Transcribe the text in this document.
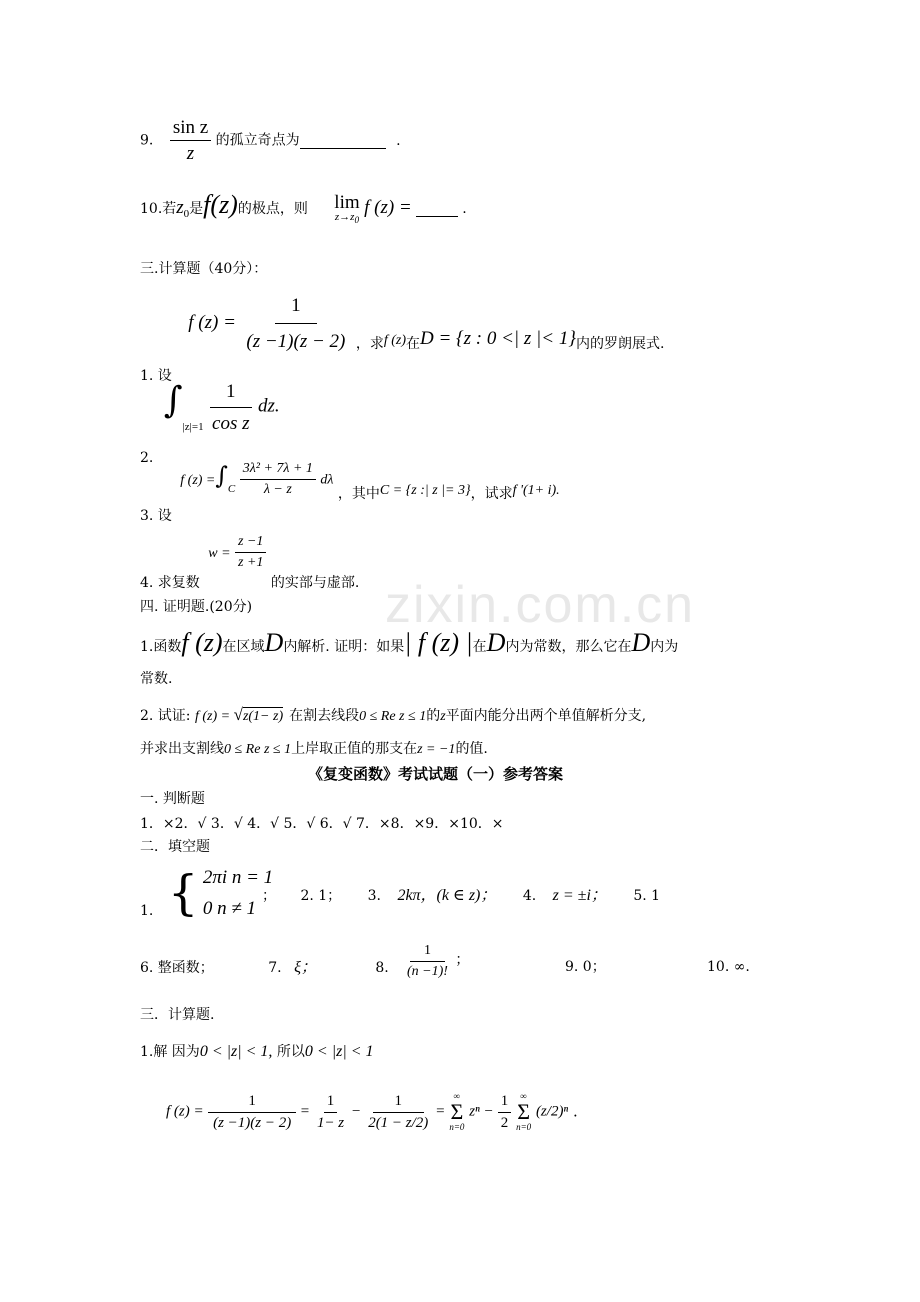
zixin.com.cn
9. $\frac{\text{sin z}}{z}$ 的孤立奇点为	.
10.若$z_0$是f(z)的极点，则 lim
$z\to z_0$
f (z) =	.
三.计算题（40分）：
1. 设 f $(z) = \frac{1}{(z -1)(z - 2)}$ ，求f (z)在D = {z : 0 <| z |< 1}内的罗朗展式.
2. $\int_{|z|=1} \frac{1}{\text{cos z}}$ dz.
3. 设 f $(z) =\int_C \frac{\text{3λ² + 7λ + 1}}{\lambda - z}$ dλ ，其中C = {z :| z |= 3}，试求f '(1+ i).
4. 求复数 $w = \frac{z -1}{z +1}$
的实部与虚部.
四. 证明题.(20分)
1.函数f (z)在区域D内解析. 证明：如果| f (z) |在D内为常数，那么它在D内为
常数.
2. 试证: f (z) = √z(1− z) 在割去线段0 ≤ Re z ≤ 1的z平面内能分出两个单值解析分支,
并求出支割线0 ≤ Re z ≤ 1上岸取正值的那支在z = −1的值.
《复变函数》考试试题（一）参考答案
一. 判断题
1．×2．√ 3．√ 4．√ 5．√ 6．√ 7．×8．×9．×10．×
二．填空题
1. { 2πi n = 1
0 n ≠ 1
； 2. 1； 3. 2kπ，(k ∈ z)； 4. z = ±i； 5. 1
6. 整函数；	7. ξ；	8. $\frac{1}{(n -1)!}$ ；	9. 0；	10. ∞.
三．计算题.
1.解 因为0 < |z| < 1, 所以0 < |z| < 1
f $(z) = \frac{1}{(z -1)(z - 2)} = \frac{1}{1- z} - \frac{1}{2(1 - z/2)}$ =
∞
Σ
n=0
$z^n - \frac{1}{2}$
∞
Σ
n=0
(z/2)ⁿ .
